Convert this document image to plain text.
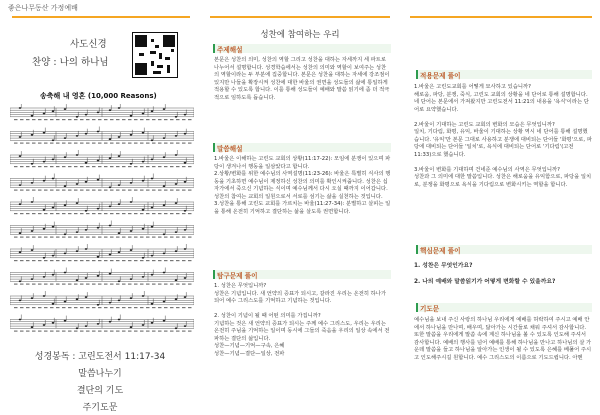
좋은나무동산 가정예배
사도신경
찬양 : 나의 하나님
송축해 내 영혼 (10,000 Reasons)
성경봉독 : 고린도전서 11:17-34
말씀나누기
결단의 기도
주기도문
성찬에 참여하는 우리
주제해설
본문은 성찬의 의미, 성찬의 역할 그리고 성찬을 대하는 자세까지 세 파트로 나누어서 설명합니다. 성경학습에서는 성찬의 의미와 역할이 보여주는 성찬의 역할이라는 두 부분에 집중합니다. 본문은 성찬을 대하는 자세에 강조점이 있지만 나들을 확장시켜 성찬에 대한 바울의 권면을 성도들의 삶에 통일하게 적용할 수 있도록 합니다. 이를 통해 성도들이 예배와 말씀 읽기에 좀 더 적극적으로 임하도록 돕습니다.
말씀해설
1.바울은 이해하는 고린도 교회의 상황(11:17-22): 모임에 분쟁이 있으며 파당이 생겨나서 행동을 일삼았다고 합니다.
2.상황/변화를 위한 예수님의 사역설명(11:23-26): 바울은 특별히 식사의 행동을 기초하면 예수님이 제정하신 성찬의 의미를 확인시켜줍니다. 성찬은 십자가에서 죽으신 기념하는 식이며 예수님께서 다시 오실 때까지 이어갑니다. 성찬의 참여는 교회의 일원으로서 서로를 섬기는 삶을 실천하는 것입니다.
3.성찬을 통해 고린도 교회를 가르치는 바울(11:27-34): 분별하고 살피는 일을 통해 온전히 기억하고 결단하는 삶을 살도록 권면합니다.
탐구문제 풀이
1. 성찬은 무엇입니까?
성찬은 기념입니다. 새 언약의 증표가 되시고, 갈라진 우리는 온전히 하나가 되어 예수 그리스도를 기억하고 기념하는 것입니다.

2. 성찬이 기념이 될 때 어떤 의미를 가집니까?
기념하는 것은 새 언약의 증표가 되시는 주께 예수 그리스도, 우리는 우리는 온전히 주님을 기억하는 일이며 동시에 그들의 죽음을 우리의 일상 속에서 전파하는 결단의 삶입니다.
성찬—기념—기억—구속, 은혜
성찬—기념—결단—일상, 전파
적용문제 풀이
1.바울은 고린도교회를 어떻게 묘사하고 있습니까?
해로움, 파당, 분쟁, 죽식, 고린도 교회의 상황을 네 단어로 통해 설명합니다. 네 단어는 본문에서 가져왔지만 고린도전서 11:21의 내용을 '욕식'이라는 단어로 요약했습니다.

2.바울이 기대하는 고린도 교회의 변화의 모습은 무엇입니까?
일치, 기다림, 화평, 유익, 바울이 기대하는 상황 역시 네 단어를 통해 설명했습니다. '유익'만 본문 그대로 사용하고 분쟁에 대비되는 단어들 '화평'으로, 파당에 대비되는 단어들 '일치'로, 욕식에 대비되는 단어로 '기다림'(고전 11:33)으로 했습니다.

3.바울이 변화를 기대하며 건네준 예수님의 사역은 무엇입니까?
성찬과 그 의미에 대한 말씀입니다. 성찬은 해로움을 유익함으로, 파당을 일치로, 분쟁을 화평으로 욕식을 기다림으로 변화시키는 역할을 합니다.
핵심문제 풀이
1. 성찬은 무엇인가요?

2. 나의 예배와 말씀읽기가 어떻게 변화할 수 있을까요?
기도문
예수님을 보내 주신 사랑의 하나님 우리에게 예배를 허락하여 주시고 예배 안에서 하나님을 만나며, 배우며, 닮아가는 시간들로 채워 주셔서 감사합니다. 또한 말씀을 우리에게 말씀 속에 계신 하나님을 볼 수 있도록 인도해 주셔서 감사합니다. 예배의 행사를 넘어 예배를 통해 하나님을 만나고 하나님의 살 가운데 말씀을 들고 하나님을 알아가는 인생이 될 수 있도록 은혜를 베풀어 주시고 인도해주시길 원합니다. 예수 그리스도의 이름으로 기도드립니다. 아멘
